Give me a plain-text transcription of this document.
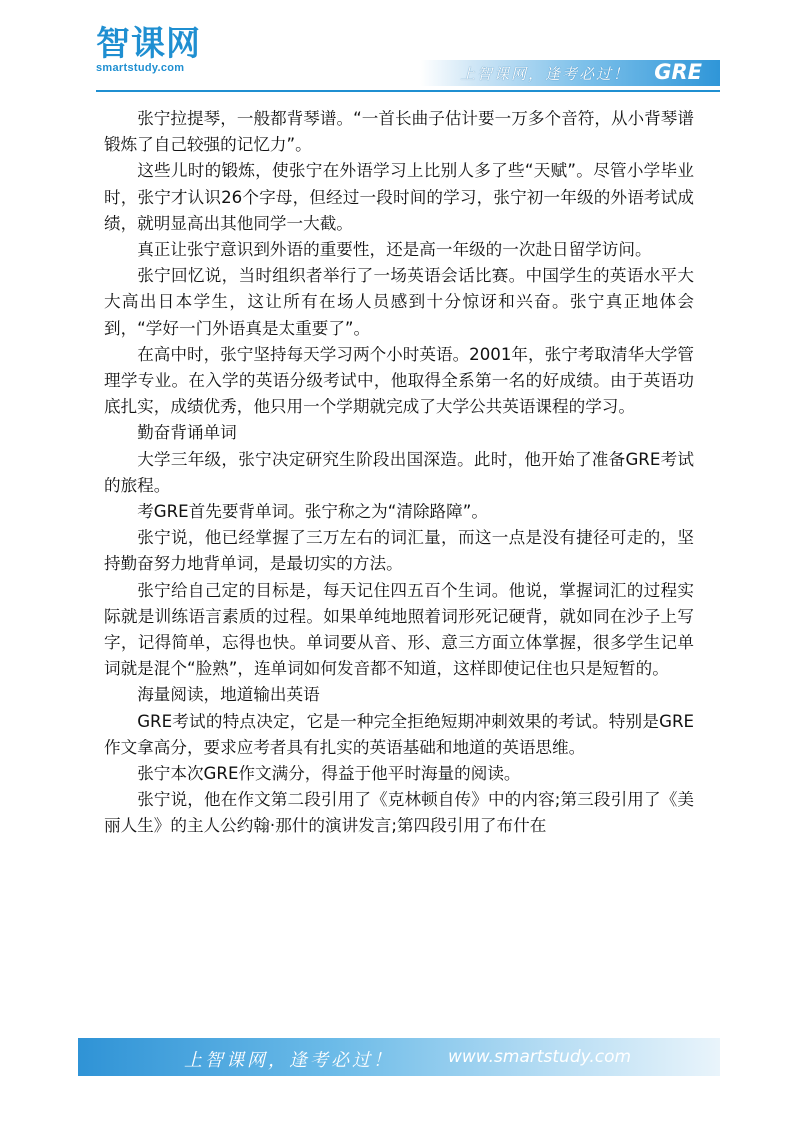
智课网
smartstudy.com	上智课网，逢考必过！ GRE

张宁拉提琴，一般都背琴谱。“一首长曲子估计要一万多个音符，从小背琴谱锻炼了自己较强的记忆力”。

这些儿时的锻炼，使张宁在外语学习上比别人多了些“天赋”。尽管小学毕业时，张宁才认识26个字母，但经过一段时间的学习，张宁初一年级的外语考试成绩，就明显高出其他同学一大截。

真正让张宁意识到外语的重要性，还是高一年级的一次赴日留学访问。

张宁回忆说，当时组织者举行了一场英语会话比赛。中国学生的英语水平大大高出日本学生，这让所有在场人员感到十分惊讶和兴奋。张宁真正地体会到，“学好一门外语真是太重要了”。

在高中时，张宁坚持每天学习两个小时英语。2001年，张宁考取清华大学管理学专业。在入学的英语分级考试中，他取得全系第一名的好成绩。由于英语功底扎实，成绩优秀，他只用一个学期就完成了大学公共英语课程的学习。

勤奋背诵单词

大学三年级，张宁决定研究生阶段出国深造。此时，他开始了准备GRE考试的旅程。

考GRE首先要背单词。张宁称之为“清除路障”。

张宁说，他已经掌握了三万左右的词汇量，而这一点是没有捷径可走的，坚持勤奋努力地背单词，是最切实的方法。

张宁给自己定的目标是，每天记住四五百个生词。他说，掌握词汇的过程实际就是训练语言素质的过程。如果单纯地照着词形死记硬背，就如同在沙子上写字，记得简单，忘得也快。单词要从音、形、意三方面立体掌握，很多学生记单词就是混个“脸熟”，连单词如何发音都不知道，这样即使记住也只是短暂的。

海量阅读，地道输出英语

GRE考试的特点决定，它是一种完全拒绝短期冲刺效果的考试。特别是GRE作文拿高分，要求应考者具有扎实的英语基础和地道的英语思维。

张宁本次GRE作文满分，得益于他平时海量的阅读。

张宁说，他在作文第二段引用了《克林顿自传》中的内容;第三段引用了《美丽人生》的主人公约翰·那什的演讲发言;第四段引用了布什在

上智课网，逢考必过！	www.smartstudy.com
